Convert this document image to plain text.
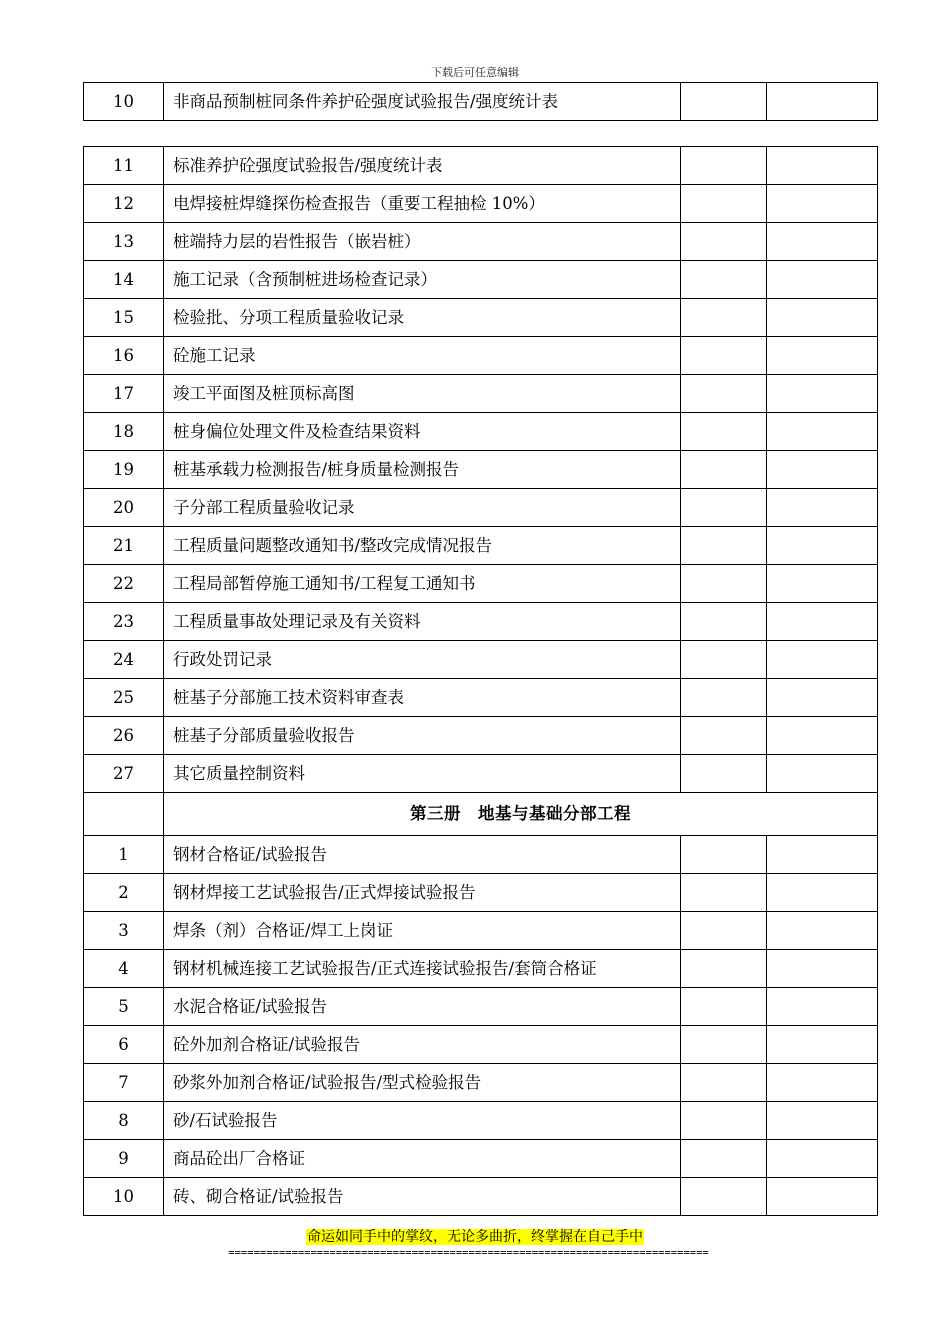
下载后可任意编辑
10	非商品预制桩同条件养护砼强度试验报告/强度统计表		
11	标准养护砼强度试验报告/强度统计表		
12	电焊接桩焊缝探伤检查报告（重要工程抽检 10%）		
13	桩端持力层的岩性报告（嵌岩桩）		
14	施工记录（含预制桩进场检查记录）		
15	检验批、分项工程质量验收记录		
16	砼施工记录		
17	竣工平面图及桩顶标高图		
18	桩身偏位处理文件及检查结果资料		
19	桩基承载力检测报告/桩身质量检测报告		
20	子分部工程质量验收记录		
21	工程质量问题整改通知书/整改完成情况报告		
22	工程局部暂停施工通知书/工程复工通知书		
23	工程质量事故处理记录及有关资料		
24	行政处罚记录		
25	桩基子分部施工技术资料审查表		
26	桩基子分部质量验收报告		
27	其它质量控制资料		
	第三册　地基与基础分部工程		
1	钢材合格证/试验报告		
2	钢材焊接工艺试验报告/正式焊接试验报告		
3	焊条（剂）合格证/焊工上岗证		
4	钢材机械连接工艺试验报告/正式连接试验报告/套筒合格证		
5	水泥合格证/试验报告		
6	砼外加剂合格证/试验报告		
7	砂浆外加剂合格证/试验报告/型式检验报告		
8	砂/石试验报告		
9	商品砼出厂合格证		
10	砖、砌合格证/试验报告		
命运如同手中的掌纹，无论多曲折，终掌握在自己手中
============================================================================
